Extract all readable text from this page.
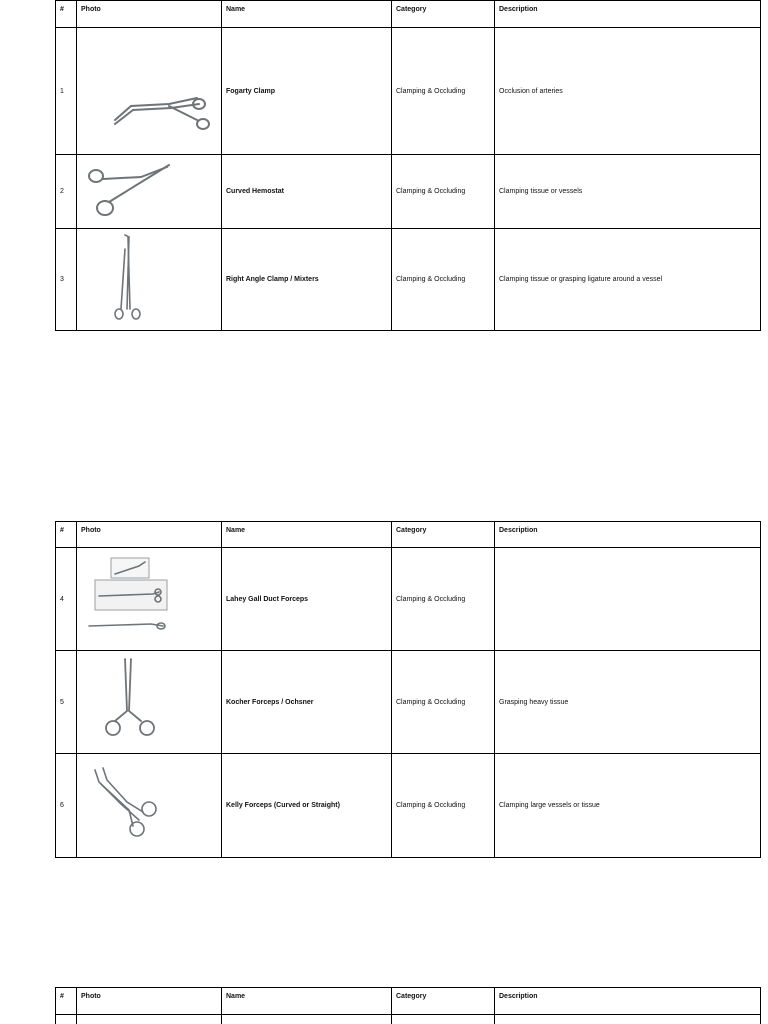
#	Photo	Name	Category	Description
1		Fogarty Clamp	Clamping & Occluding	Occlusion of arteries
2		Curved Hemostat	Clamping & Occluding	Clamping tissue or vessels
3		Right Angle Clamp / Mixters	Clamping & Occluding	Clamping tissue or grasping ligature around a vessel
#	Photo	Name	Category	Description
4		Lahey Gall Duct Forceps	Clamping & Occluding	
5		Kocher Forceps / Ochsner	Clamping & Occluding	Grasping heavy tissue
6		Kelly Forceps (Curved or Straight)	Clamping & Occluding	Clamping large vessels or tissue
#	Photo	Name	Category	Description
